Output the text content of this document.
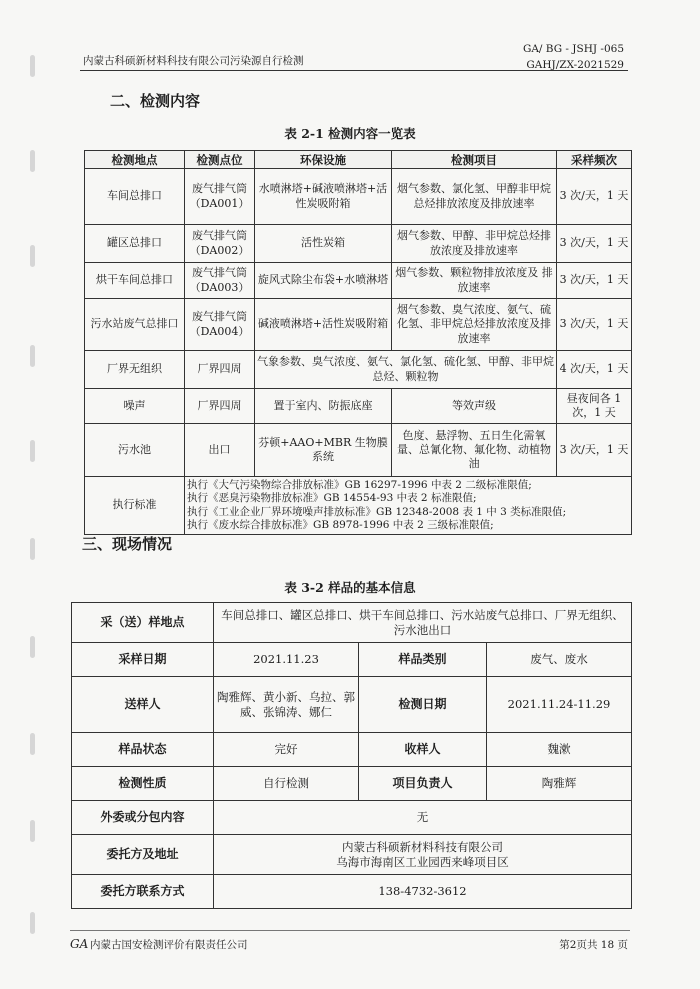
内蒙古科硕新材料科技有限公司污染源自行检测
GA/ BG - JSHJ -065
GAHJ/ZX-2021529
二、检测内容
表 2-1 检测内容一览表
检测地点	检测点位	环保设施	检测项目	采样频次
车间总排口	废气排气筒（DA001）	水喷淋塔+碱液喷淋塔+活性炭吸附箱	烟气参数、氯化氢、甲醇非甲烷总烃排放浓度及排放速率	3 次/天，1 天
罐区总排口	废气排气筒（DA002）	活性炭箱	烟气参数、甲醇、非甲烷总烃排放浓度及排放速率	3 次/天，1 天
烘干车间总排口	废气排气筒（DA003）	旋风式除尘布袋+水喷淋塔	烟气参数、颗粒物排放浓度及 排放速率	3 次/天，1 天
污水站废气总排口	废气排气筒（DA004）	碱液喷淋塔+活性炭吸附箱	烟气参数、臭气浓度、氨气、硫化氢、非甲烷总烃排放浓度及排放速率	3 次/天，1 天
厂界无组织	厂界四周	气象参数、臭气浓度、氨气、氯化氢、硫化氢、甲醇、非甲烷总烃、颗粒物		4 次/天，1 天
噪声	厂界四周	置于室内、防振底座	等效声级	昼夜间各 1 次，1 天
污水池	出口	芬顿+AAO+MBR 生物膜系统	色度、悬浮物、五日生化需氧量、总氰化物、氟化物、动植物油	3 次/天，1 天
执行标准	执行《大气污染物综合排放标准》GB 16297-1996 中表 2 二级标准限值;
执行《恶臭污染物排放标准》GB 14554-93 中表 2 标准限值;
执行《工业企业厂界环境噪声排放标准》GB 12348-2008 表 1 中 3 类标准限值;
执行《废水综合排放标准》GB 8978-1996 中表 2 三级标准限值;			
三、现场情况
表 3-2 样品的基本信息
采（送）样地点	车间总排口、罐区总排口、烘干车间总排口、污水站废气总排口、厂界无组织、污水池出口		
采样日期	2021.11.23	样品类别	废气、废水
送样人	陶雅辉、黄小新、乌拉、郭威、张锦涛、娜仁	检测日期	2021.11.24-11.29
样品状态	完好	收样人	魏漱
检测性质	自行检测	项目负责人	陶雅辉
外委或分包内容	无		
委托方及地址	内蒙古科硕新材料科技有限公司
乌海市海南区工业园西来峰项目区		

委托方联系方式	138-4732-3612		
GA 内蒙古国安检测评价有限责任公司	第2页共 18 页
